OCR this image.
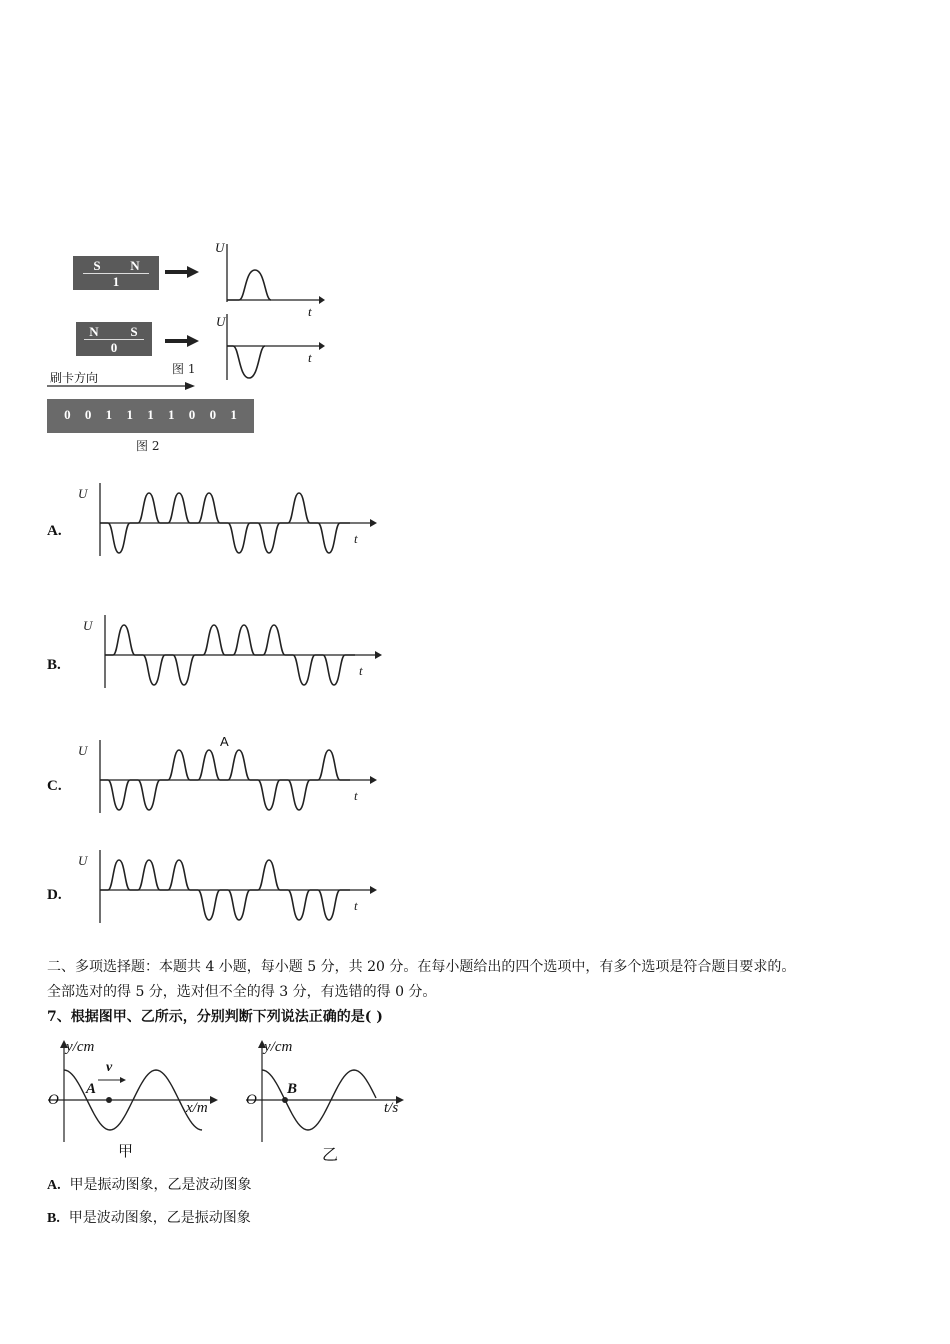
S	N
1
N	S
0
U
t
U
t
图 1
刷卡方向
0	0	1	1	1	1	0	0	1
图 2
A.
U
t
B.
U
t
C.
U
t
A
D.
U
t
二、多项选择题：本题共 4 小题，每小题 5 分，共 20 分。在每小题给出的四个选项中，有多个选项是符合题目要求的。
全部选对的得 5 分，选对但不全的得 3 分，有选错的得 0 分。
7、根据图甲、乙所示，分别判断下列说法正确的是( )
y/cm
O
A
v
x/m
甲
y/cm
O
B
t/s
乙
A. 甲是振动图象，乙是波动图象
B. 甲是波动图象，乙是振动图象
